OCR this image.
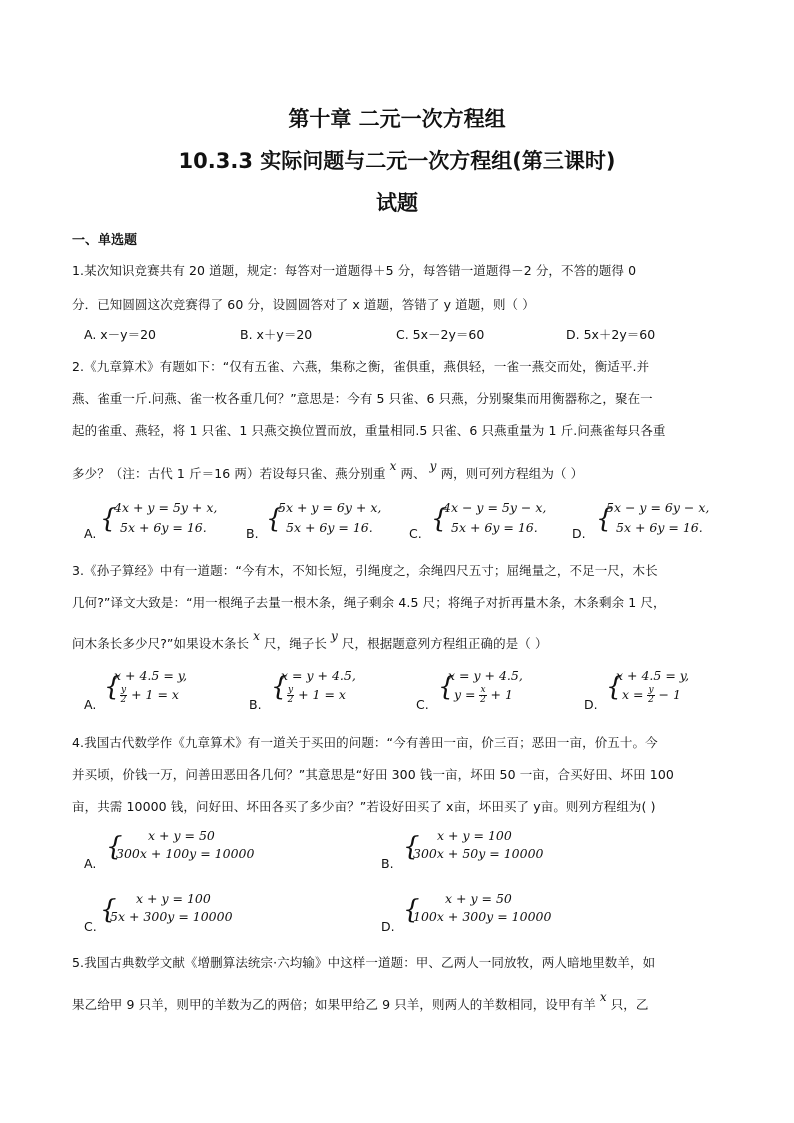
第十章 二元一次方程组
10.3.3 实际问题与二元一次方程组(第三课时)
试题
一、单选题
1.某次知识竞赛共有 20 道题，规定：每答对一道题得＋5 分，每答错一道题得－2 分，不答的题得 0
分．已知圆圆这次竞赛得了 60 分，设圆圆答对了 x 道题，答错了 y 道题，则（ ）
A. x－y＝20	B. x＋y＝20	C. 5x－2y＝60	D. 5x＋2y＝60
2.《九章算术》有题如下：“仅有五雀、六燕，集称之衡，雀俱重，燕俱轻，一雀一燕交而处，衡适平.并
燕、雀重一斤.问燕、雀一枚各重几何？”意思是：今有 5 只雀、6 只燕，分别聚集而用衡器称之，聚在一
起的雀重、燕轻，将 1 只雀、1 只燕交换位置而放，重量相同.5 只雀、6 只燕重量为 1 斤.问燕雀每只各重
多少？（注：古代 1 斤＝16 两）若设每只雀、燕分别重 x 两、 y 两，则可列方程组为（ ）
A. {
4x + y = 5y + x,
5x + 6y = 16.	B. {
5x + y = 6y + x,
5x + 6y = 16.	C. {
4x − y = 5y − x,
5x + 6y = 16.	D. {
5x − y = 6y − x,
5x + 6y = 16.
3.《孙子算经》中有一道题：“今有木，不知长短，引绳度之，余绳四尺五寸；屈绳量之，不足一尺，木长
几何?”译文大致是：“用一根绳子去量一根木条，绳子剩余 4.5 尺；将绳子对折再量木条，木条剩余 1 尺，
问木条长多少尺?”如果设木条长 x 尺，绳子长 y 尺，根据题意列方程组正确的是（ ）
A.
{
x + 4.5 = y,
$\frac{y}{2} + 1 = x$
B.
{
x = y + 4.5,
$\frac{y}{2} + 1 = x$
C.
{
x = y + 4.5,
$y = \frac{x}{2} + 1$
D.
{
x + 4.5 = y,
$x = \frac{y}{2} - 1$
4.我国古代数学作《九章算术》有一道关于买田的问题：“今有善田一亩，价三百；恶田一亩，价五十。今
并买顷，价钱一万，问善田恶田各几何？”其意思是“好田 300 钱一亩，坏田 50 一亩，合买好田、坏田 100
亩，共需 10000 钱，问好田、坏田各买了多少亩？”若设好田买了 x亩，坏田买了 y亩。则列方程组为( )
A.
{ x + y = 50
300x + 100y = 10000
B.
{ x + y = 100
300x + 50y = 10000
C.
{ x + y = 100
5x + 300y = 10000
D.
{ x + y = 50
100x + 300y = 10000
5.我国古典数学文献《增删算法统宗·六均输》中这样一道题：甲、乙两人一同放牧，两人暗地里数羊，如
果乙给甲 9 只羊，则甲的羊数为乙的两倍；如果甲给乙 9 只羊，则两人的羊数相同，设甲有羊 x 只，乙
